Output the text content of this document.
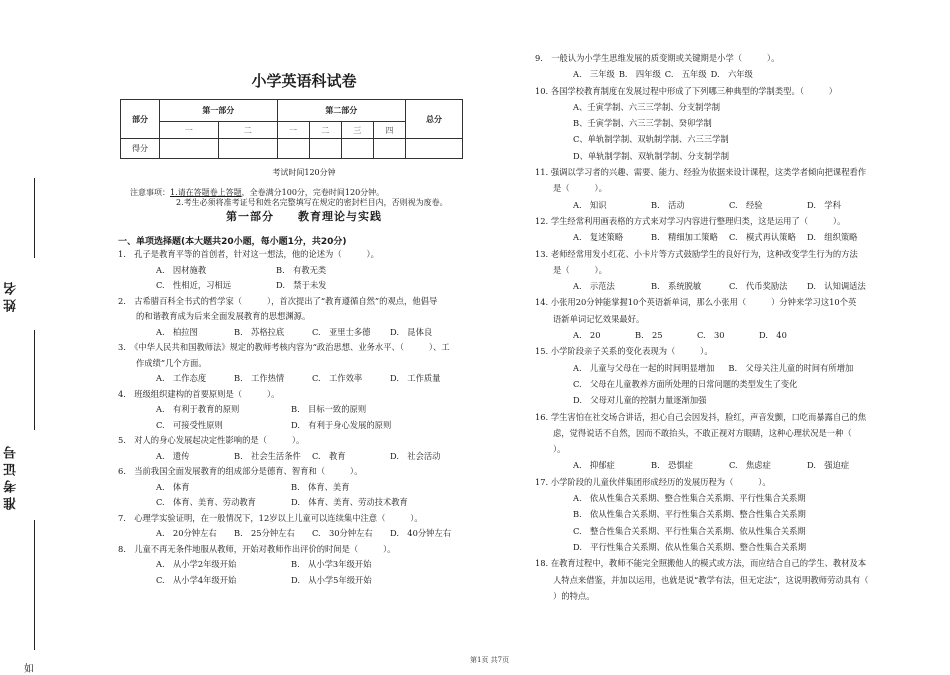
姓名
准考证号
如
小学英语科试卷
部分	第一部分		第二部分				总分
	一	二	一	二	三	四	
得分							
考试时间120分钟
注意事项：1.请在答题卷上答题，全卷满分100分，完卷时间120分钟。
2.考生必须将准考证号和姓名完整填写在规定的密封栏目内，否则视为废卷。
第一部分　　教育理论与实践
一、单项选择题(本大题共20小题，每小题1分，共20分)
1.　孔子是教育平等的首创者，针对这一想法，他的论述为（　　　）。
A.　因材施教	B.　有教无类
C.　性相近，习相远	D.　禁于未发
2.　古希腊百科全书式的哲学家（　　　），首次提出了“教育遵循自然”的观点，他倡导
的和谐教育成为后来全面发展教育的思想渊源。
A.　柏拉图	B.　苏格拉底	C.　亚里士多德 D.　昆体良
3.　《中华人民共和国教师法》规定的教师考核内容为“政治思想、业务水平、（　　　）、工
作成绩”几个方面。
A.　工作态度	B.　工作热情	C.　工作效率	D.　工作质量
4.　班级组织建构的首要原则是（　　　）。
A.　有利于教育的原则	B.　目标一致的原则
C.　可接受性原则	D.　有利于身心发展的原则
5.　对人的身心发展起决定性影响的是（　　　）。
A.　遗传	B.　社会生活条件 C.　教育	D.　社会活动
6.　当前我国全面发展教育的组成部分是德育、智育和（　　　）。
A.　体育	B.　体育、美育
C.　体育、美育、劳动教育	D.　体育、美育、劳动技术教育
7.　心理学实验证明，在一般情况下，12岁以上儿童可以连续集中注意（　　　）。
A.　20分钟左右 B.　25分钟左右 C.　30分钟左右 D.　40分钟左右
8.　儿童不再无条件地服从教师，开始对教师作出评价的时间是（　　　）。
A.　从小学2年级开始	B.　从小学3年级开始
C.　从小学4年级开始	D.　从小学5年级开始
9.　一般认为小学生思维发展的质变期或关键期是小学（　　　）。
A.　三年级 B.　四年级 C.　五年级 D.　六年级
10. 各国学校教育制度在发展过程中形成了下列哪三种典型的学制类型。（　　　）
A、壬寅学制、六三三学制、分支制学制
B、壬寅学制、六三三学制、癸卯学制
C、单轨制学制、双轨制学制、六三三学制
D、单轨制学制、双轨制学制、分支制学制
11. 强调以学习者的兴趣、需要、能力、经验为依据来设计课程，这类学者倾向把课程看作
是（　　　）。
A.　知识	B.　活动	C.　经验	D.　学科
12. 学生经常利用画表格的方式来对学习内容进行整理归类，这是运用了（　　　）。
A.　复述策略	B.　精细加工策略 C.　模式再认策略 D.　组织策略
13. 老师经常用发小红花、小卡片等方式鼓励学生的良好行为，这种改变学生行为的方法
是（　　　）。
A.　示范法	B.　系统脱敏	C.　代币奖励法 D.　认知调适法
14. 小张用20分钟能掌握10个英语新单词，那么小张用（　　　）分钟来学习这10个英
语新单词记忆效果最好。
A.　20	B.　25	C.　30	D.　40
15. 小学阶段亲子关系的变化表现为（　　　）。
A.　儿童与父母在一起的时间明显增加 B.　父母关注儿童的时间有所增加
C.　父母在儿童教养方面所处理的日常问题的类型发生了变化
D.　父母对儿童的控制力量逐渐加强
16. 学生害怕在社交场合讲话，担心自己会因发抖，脸红，声音发颤，口吃而暴露自己的焦
虑，觉得说话不自然，因而不敢抬头，不敢正视对方眼睛，这种心理状况是一种（　
）。
A.　抑郁症	B.　恐惧症	C.　焦虑症	D.　强迫症
17. 小学阶段的儿童伙伴集团形成经历的发展历程为（　　　）。
A.　依从性集合关系期、整合性集合关系期、平行性集合关系期
B.　依从性集合关系期、平行性集合关系期、整合性集合关系期
C.　整合性集合关系期、平行性集合关系期、依从性集合关系期
D.　平行性集合关系期、依从性集合关系期、整合性集合关系期
18. 在教育过程中，教师不能完全照搬他人的模式或方法，而应结合自己的学生、教材及本
人特点来借鉴，并加以运用，也就是说“教学有法，但无定法”，这说明教师劳动具有（
）的特点。
第1页 共7页
